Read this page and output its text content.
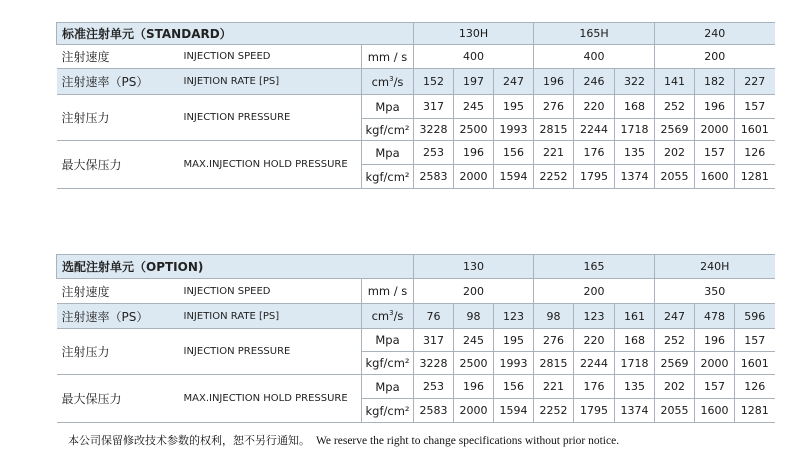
标准注射单元（STANDARD）			130H			165H			240		
注射速度	INJECTION SPEED	mm / s	400			400			200		
注射速率（PS）	INJETION RATE [PS]	$cm^3/s$	152	197	247	196	246	322	141	182	227
注射压力	INJECTION PRESSURE	Mpa	317	245	195	276	220	168	252	196	157
		kgf/cm²	3228	2500	1993	2815	2244	1718	2569	2000	1601
最大保压力	MAX.INJECTION HOLD PRESSURE	Mpa	253	196	156	221	176	135	202	157	126
		kgf/cm²	2583	2000	1594	2252	1795	1374	2055	1600	1281
选配注射单元（OPTION)			130			165			240H		
注射速度	INJECTION SPEED	mm / s	200			200			350		
注射速率（PS）	INJETION RATE [PS]	$cm^3/s$	76	98	123	98	123	161	247	478	596
注射压力	INJECTION PRESSURE	Mpa	317	245	195	276	220	168	252	196	157
		kgf/cm²	3228	2500	1993	2815	2244	1718	2569	2000	1601
最大保压力	MAX.INJECTION HOLD PRESSURE	Mpa	253	196	156	221	176	135	202	157	126
		kgf/cm²	2583	2000	1594	2252	1795	1374	2055	1600	1281
本公司保留修改技术参数的权利，恕不另行通知。 We reserve the right to change specifications without prior notice.
